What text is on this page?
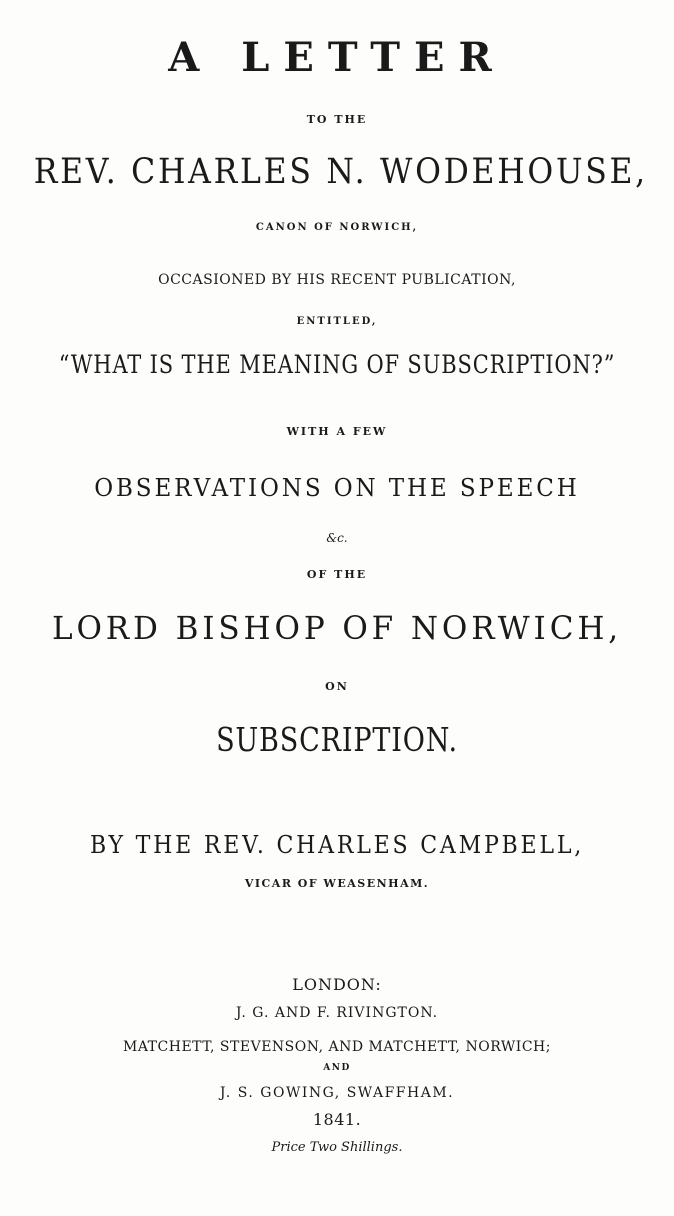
A LETTER
TO THE
REV. CHARLES N. WODEHOUSE,
CANON OF NORWICH,
OCCASIONED BY HIS RECENT PUBLICATION,
ENTITLED,
“WHAT IS THE MEANING OF SUBSCRIPTION?”
WITH A FEW
OBSERVATIONS ON THE SPEECH
&c.
OF THE
LORD BISHOP OF NORWICH,
ON
SUBSCRIPTION.
BY THE REV. CHARLES CAMPBELL,
VICAR OF WEASENHAM.
LONDON:
J. G. AND F. RIVINGTON.
MATCHETT, STEVENSON, AND MATCHETT, NORWICH;
AND
J. S. GOWING, SWAFFHAM.
1841.
Price Two Shillings.
